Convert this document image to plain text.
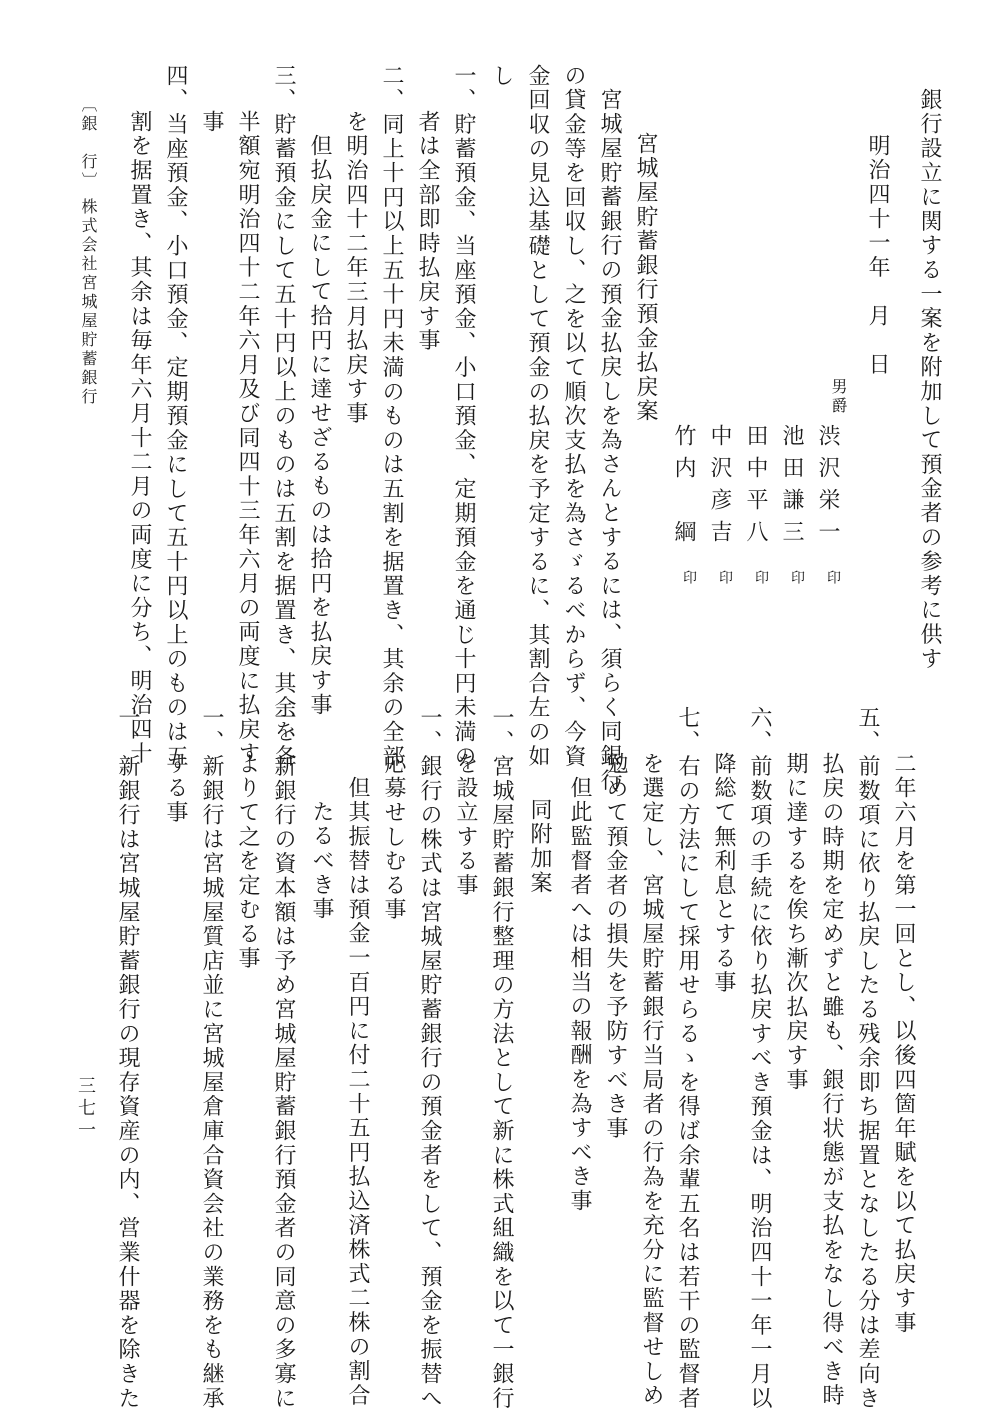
銀行設立に関する一案を附加して預金者の参考に供す
明治四十一年　月　日
男爵
渋沢栄一
印
池田謙三
印
田中平八
印
中沢彦吉
印
竹内　綱
印
宮城屋貯蓄銀行預金払戻案
宮城屋貯蓄銀行の預金払戻しを為さんとするには、須らく同銀行
の貸金等を回収し、之を以て順次支払を為さゞるべからず、今資
金回収の見込基礎として預金の払戻を予定するに、其割合左の如
し
一、貯蓄預金、当座預金、小口預金、定期預金を通じ十円未満の
者は全部即時払戻す事
二、同上十円以上五十円未満のものは五割を据置き、其余の全部
を明治四十二年三月払戻す事
但払戻金にして拾円に達せざるものは拾円を払戻す事
三、貯蓄預金にして五十円以上のものは五割を据置き、其余を各
半額宛明治四十二年六月及び同四十三年六月の両度に払戻す
事
四、当座預金、小口預金、定期預金にして五十円以上のものは五
割を据置き、其余は毎年六月十二月の両度に分ち、明治四十
〔銀　行〕
株式会社宮城屋貯蓄銀行
二年六月を第一回とし、以後四箇年賦を以て払戻す事
五、前数項に依り払戻したる残余即ち据置となしたる分は差向き
払戻の時期を定めずと雖も、銀行状態が支払をなし得べき時
期に達するを俟ち漸次払戻す事
六、前数項の手続に依り払戻すべき預金は、明治四十一年一月以
降総て無利息とする事
七、右の方法にして採用せらるゝを得ば余輩五名は若干の監督者
を選定し、宮城屋貯蓄銀行当局者の行為を充分に監督せしめ
勉めて預金者の損失を予防すべき事
但此監督者へは相当の報酬を為すべき事
同附加案
一、宮城屋貯蓄銀行整理の方法として新に株式組織を以て一銀行
を設立する事
一、銀行の株式は宮城屋貯蓄銀行の預金者をして、預金を振替へ
応募せしむる事
但其振替は預金一百円に付二十五円払込済株式二株の割合
たるべき事
一、新銀行の資本額は予め宮城屋貯蓄銀行預金者の同意の多寡に
よりて之を定むる事
一、新銀行は宮城屋質店並に宮城屋倉庫合資会社の業務をも継承
する事
一、新銀行は宮城屋貯蓄銀行の現存資産の内、営業什器を除きた
三七一
